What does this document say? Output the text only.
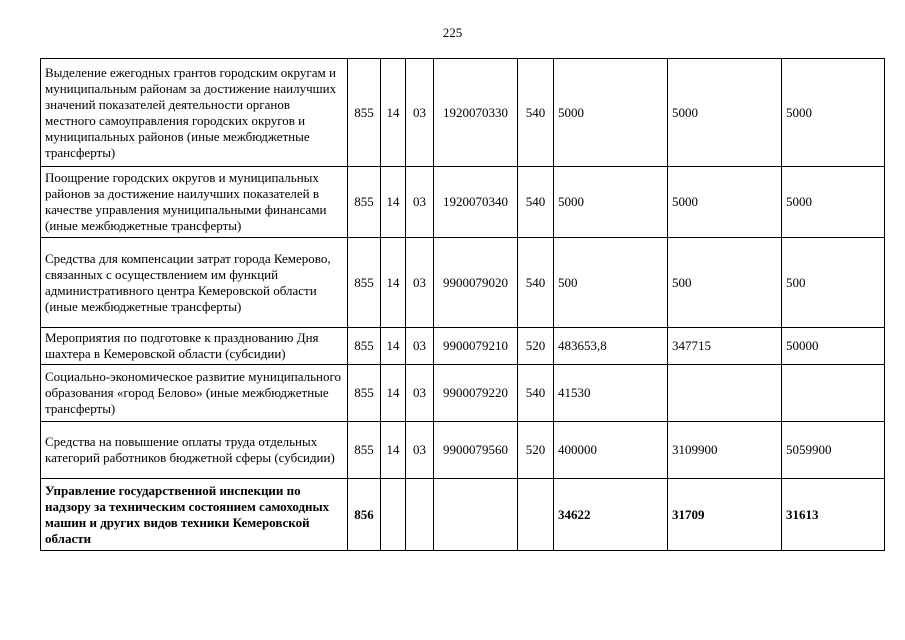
225
Выделение ежегодных грантов городским округам и муниципальным районам за достижение наилучших значений показателей деятельности органов местного самоуправления городских округов и муниципальных районов (иные межбюджетные трансферты)	855	14	03	1920070330	540	5000	5000	5000
Поощрение городских округов и муниципальных районов за достижение наилучших показателей в качестве управления муниципальными финансами (иные межбюджетные трансферты)	855	14	03	1920070340	540	5000	5000	5000
Средства для компенсации затрат города Кемерово, связанных с осуществлением им функций административного центра Кемеровской области (иные межбюджетные трансферты)	855	14	03	9900079020	540	500	500	500
Мероприятия по подготовке к празднованию Дня шахтера в Кемеровской области (субсидии)	855	14	03	9900079210	520	483653,8	347715	50000
Социально-экономическое развитие муниципального образования «город Белово» (иные межбюджетные трансферты)	855	14	03	9900079220	540	41530		
Средства на повышение оплаты труда отдельных категорий работников бюджетной сферы (субсидии)	855	14	03	9900079560	520	400000	3109900	5059900
Управление государственной инспекции по надзору за техническим состоянием самоходных машин и других видов техники Кемеровской области	856					34622	31709	31613
